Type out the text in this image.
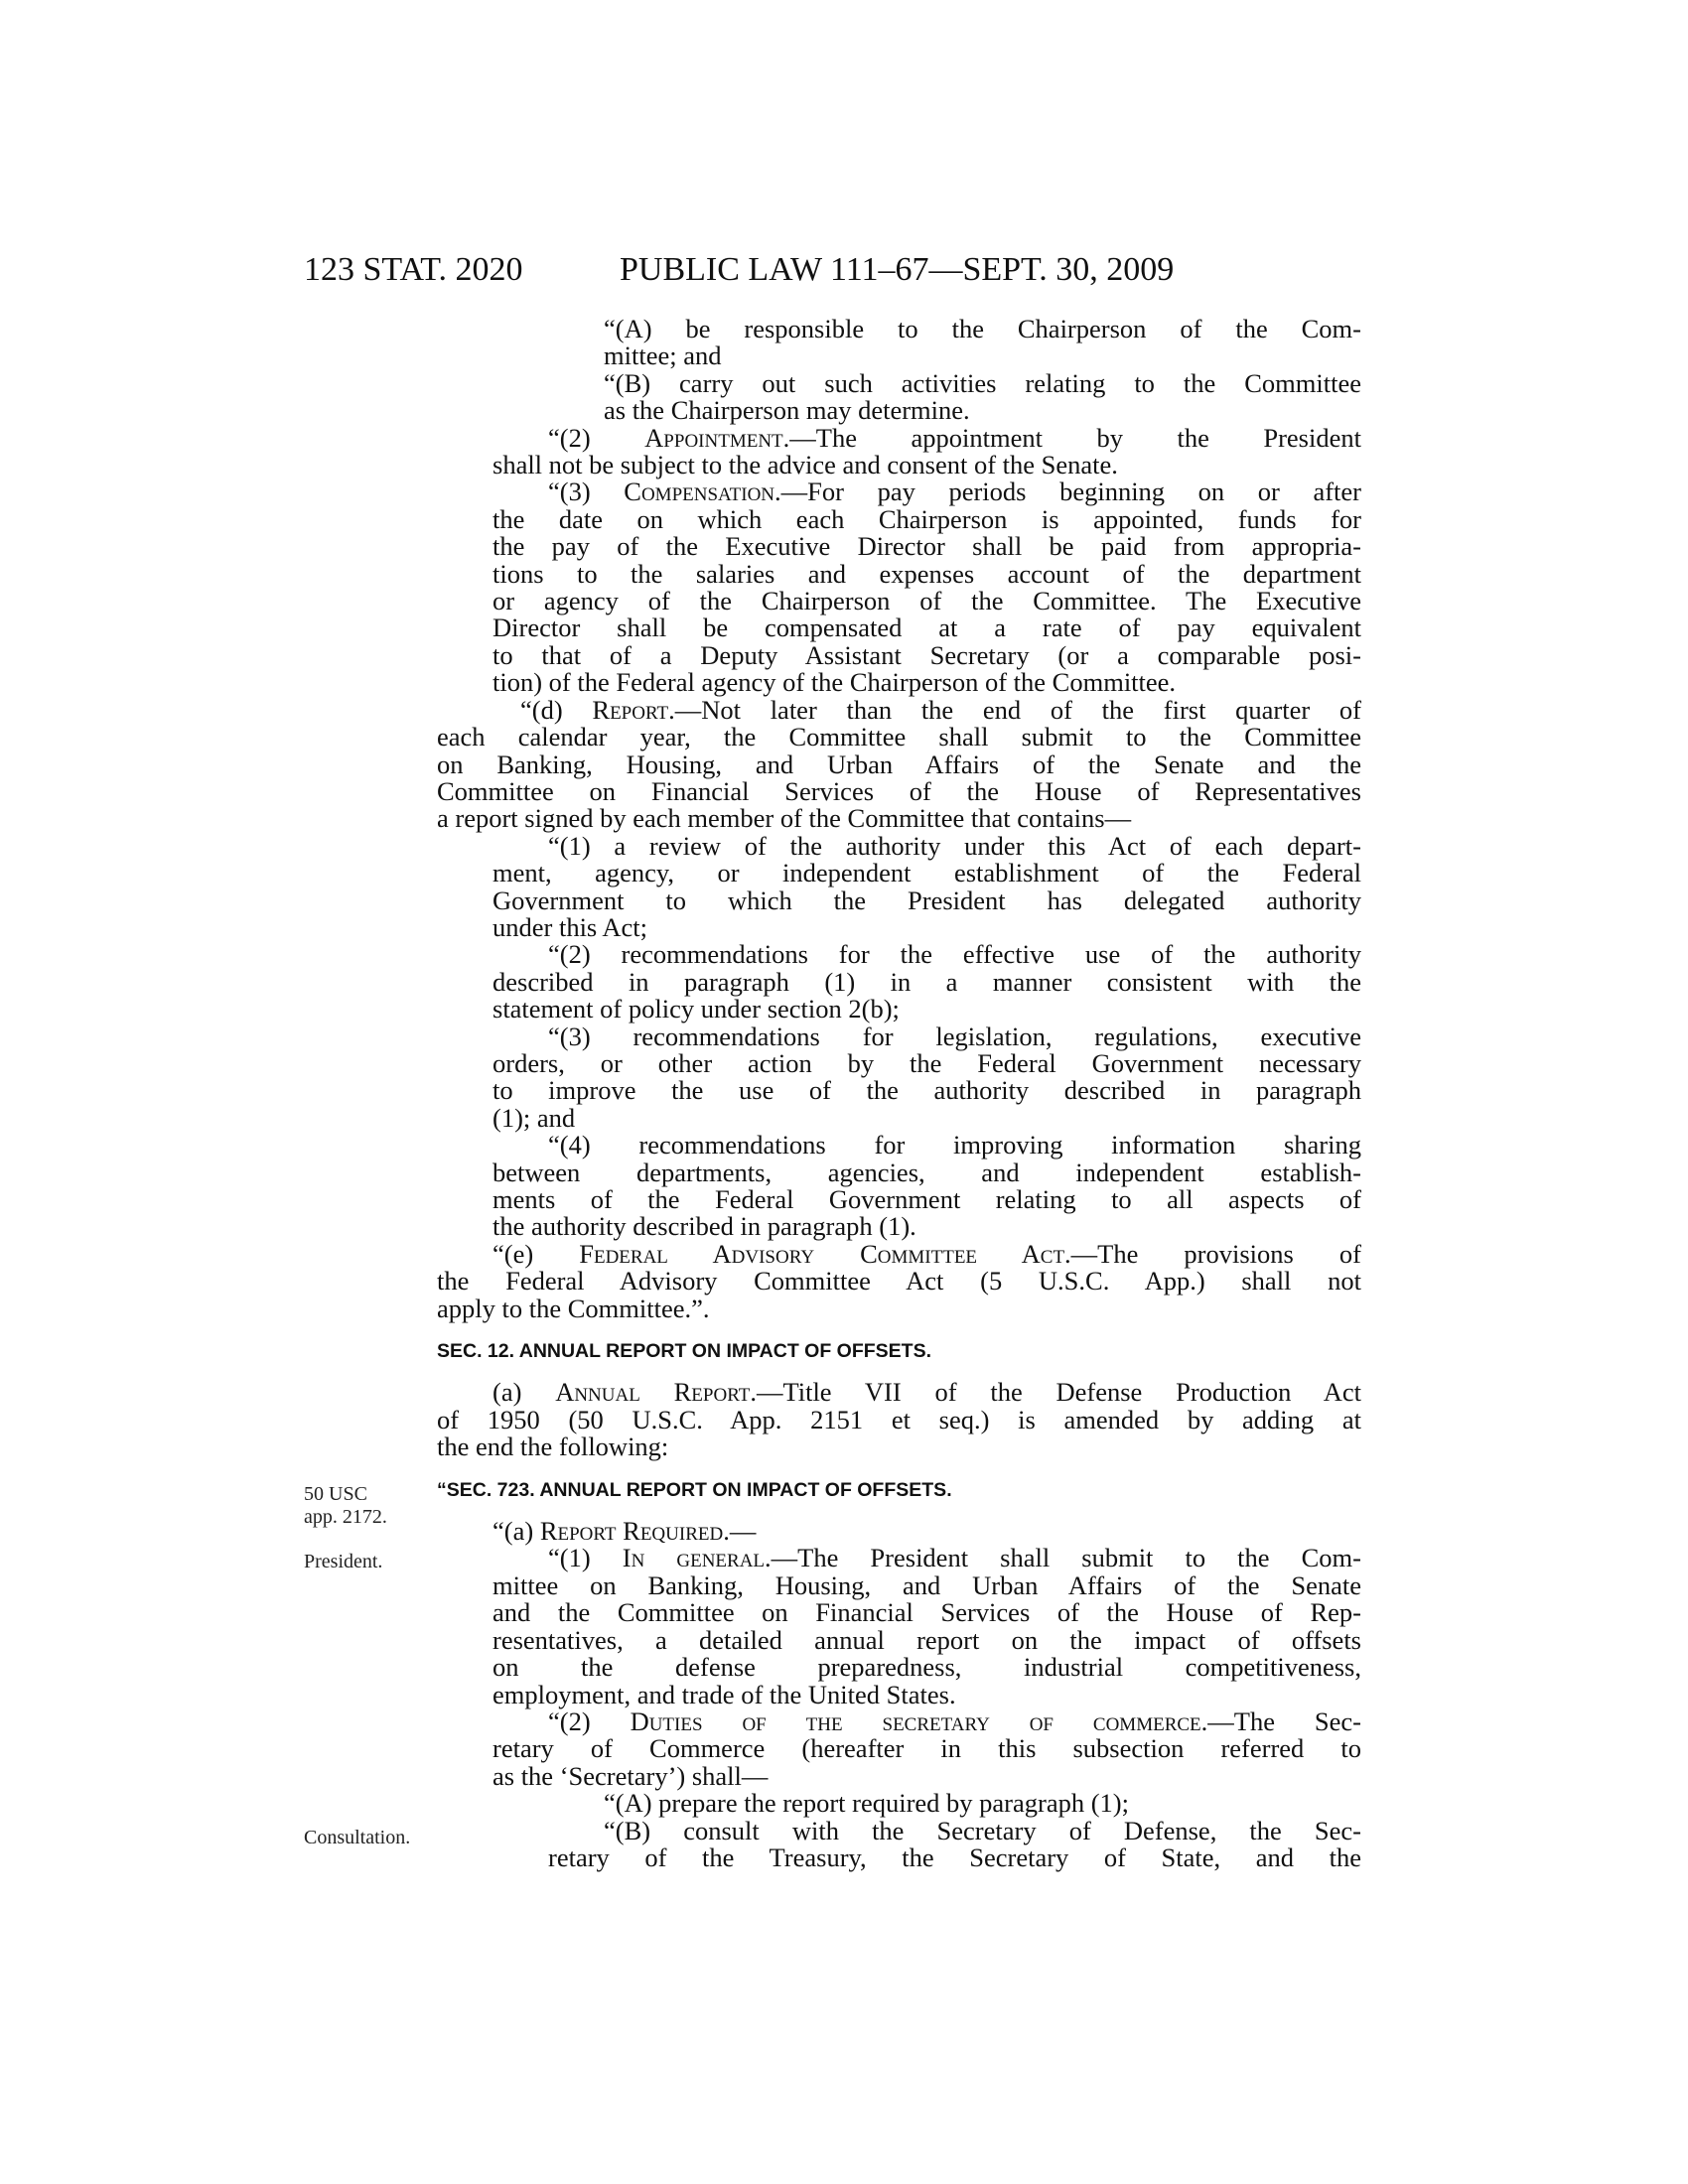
123 STAT. 2020	PUBLIC LAW 111–67—SEPT. 30, 2009
50 USC
app. 2172.
President.
Consultation.
“(A) be responsible to the Chairperson of the Com-
mittee; and
“(B) carry out such activities relating to the Committee
as the Chairperson may determine.
“(2) Appointment.—The appointment by the President
shall not be subject to the advice and consent of the Senate.
“(3) Compensation.—For pay periods beginning on or after
the date on which each Chairperson is appointed, funds for
the pay of the Executive Director shall be paid from appropria-
tions to the salaries and expenses account of the department
or agency of the Chairperson of the Committee. The Executive
Director shall be compensated at a rate of pay equivalent
to that of a Deputy Assistant Secretary (or a comparable posi-
tion) of the Federal agency of the Chairperson of the Committee.
“(d) Report.—Not later than the end of the first quarter of
each calendar year, the Committee shall submit to the Committee
on Banking, Housing, and Urban Affairs of the Senate and the
Committee on Financial Services of the House of Representatives
a report signed by each member of the Committee that contains—
“(1) a review of the authority under this Act of each depart-
ment, agency, or independent establishment of the Federal
Government to which the President has delegated authority
under this Act;
“(2) recommendations for the effective use of the authority
described in paragraph (1) in a manner consistent with the
statement of policy under section 2(b);
“(3) recommendations for legislation, regulations, executive
orders, or other action by the Federal Government necessary
to improve the use of the authority described in paragraph
(1); and
“(4) recommendations for improving information sharing
between departments, agencies, and independent establish-
ments of the Federal Government relating to all aspects of
the authority described in paragraph (1).
“(e) Federal Advisory Committee Act.—The provisions of
the Federal Advisory Committee Act (5 U.S.C. App.) shall not
apply to the Committee.”.
SEC. 12. ANNUAL REPORT ON IMPACT OF OFFSETS.
(a) Annual Report.—Title VII of the Defense Production Act
of 1950 (50 U.S.C. App. 2151 et seq.) is amended by adding at
the end the following:
“SEC. 723. ANNUAL REPORT ON IMPACT OF OFFSETS.
“(a) Report Required.—
“(1) In general.—The President shall submit to the Com-
mittee on Banking, Housing, and Urban Affairs of the Senate
and the Committee on Financial Services of the House of Rep-
resentatives, a detailed annual report on the impact of offsets
on the defense preparedness, industrial competitiveness,
employment, and trade of the United States.
“(2) Duties of the secretary of commerce.—The Sec-
retary of Commerce (hereafter in this subsection referred to
as the ‘Secretary’) shall—
“(A) prepare the report required by paragraph (1);
“(B) consult with the Secretary of Defense, the Sec-
retary of the Treasury, the Secretary of State, and the
